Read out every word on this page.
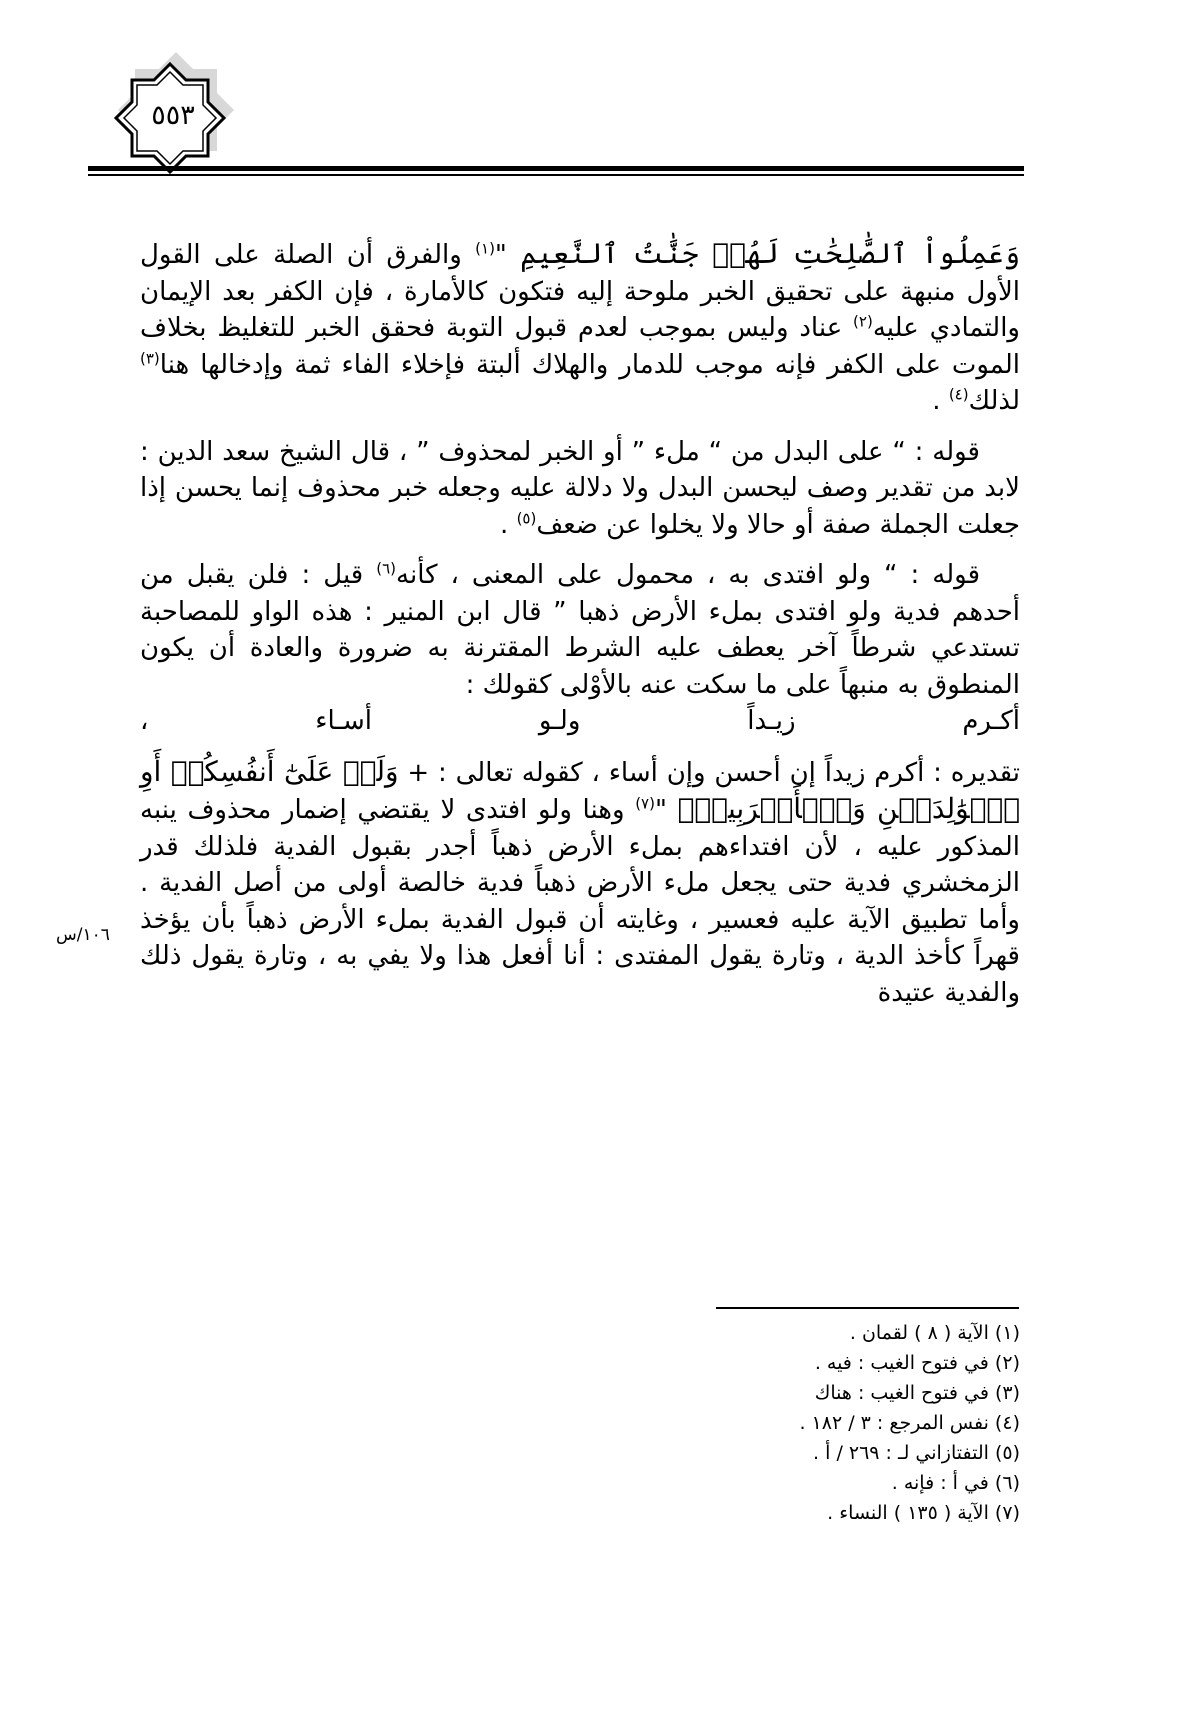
٥٥٣

وَعَمِلُواْ ٱلصَّٰلِحَٰتِ لَهُمۡ جَنَّٰتُ ٱلنَّعِيمِ "$^{(١)}$ والفرق أن الصلة على القول الأول منبهة على تحقيق الخبر ملوحة إليه فتكون كالأمارة ، فإن الكفر بعد الإيمان والتمادي عليه$^{(٢)}$ عناد وليس بموجب لعدم قبول التوبة فحقق الخبر للتغليظ بخلاف الموت على الكفر فإنه موجب للدمار والهلاك ألبتة فإخلاء الفاء ثمة وإدخالها هنا$^{(٣)}$ لذلك$^{(٤)}$ .

قوله : “ على البدل من “ ملء ” أو الخبر لمحذوف ” ، قال الشيخ سعد الدين : لابد من تقدير وصف ليحسن البدل ولا دلالة عليه وجعله خبر محذوف إنما يحسن إذا جعلت الجملة صفة أو حالا ولا يخلوا عن ضعف$^{(٥)}$ .

قوله : “ ولو افتدى به ، محمول على المعنى ، كأنه$^{(٦)}$ قيل : فلن يقبل من أحدهم فدية ولو افتدى بملء الأرض ذهبا ” قال ابن المنير : هذه الواو للمصاحبة تستدعي شرطاً آخر يعطف عليه الشرط المقترنة به ضرورة والعادة أن يكون المنطوق به منبهاً على ما سكت عنه بالأوْلى كقولك :

أكـرم
زيـداً
ولـو
أسـاء
،

تقديره : أكرم زيداً إن أحسن وإن أساء ، كقوله تعالى : + وَلَوۡ عَلَىٰٓ أَنفُسِكُمۡ أَوِ ٱلۡوَٰلِدَيۡنِ وَٱلۡأَقۡرَبِينَۚ "$^{(٧)}$ وهنا ولو افتدى لا يقتضي إضمار محذوف ينبه المذكور عليه ، لأن افتداءهم بملء الأرض ذهباً أجدر بقبول الفدية فلذلك قدر الزمخشري فدية حتى يجعل ملء الأرض ذهباً فدية خالصة أولى من أصل الفدية . وأما تطبيق الآية عليه فعسير ، وغايته أن قبول الفدية بملء الأرض ذهباً بأن يؤخذ قهراً كأخذ الدية ، وتارة يقول المفتدى : أنا أفعل هذا ولا يفي به ، وتارة يقول ذلك والفدية عتيدة

١٠٦/س
(١) الآية ( ٨ ) لقمان .
(٢) في فتوح الغيب : فيه .
(٣) في فتوح الغيب : هناك
(٤) نفس المرجع : ٣ / ١٨٢ .
(٥) التفتازاني لـ : ٢٦٩ / أ .
(٦) في أ : فإنه .
(٧) الآية ( ١٣٥ ) النساء .
